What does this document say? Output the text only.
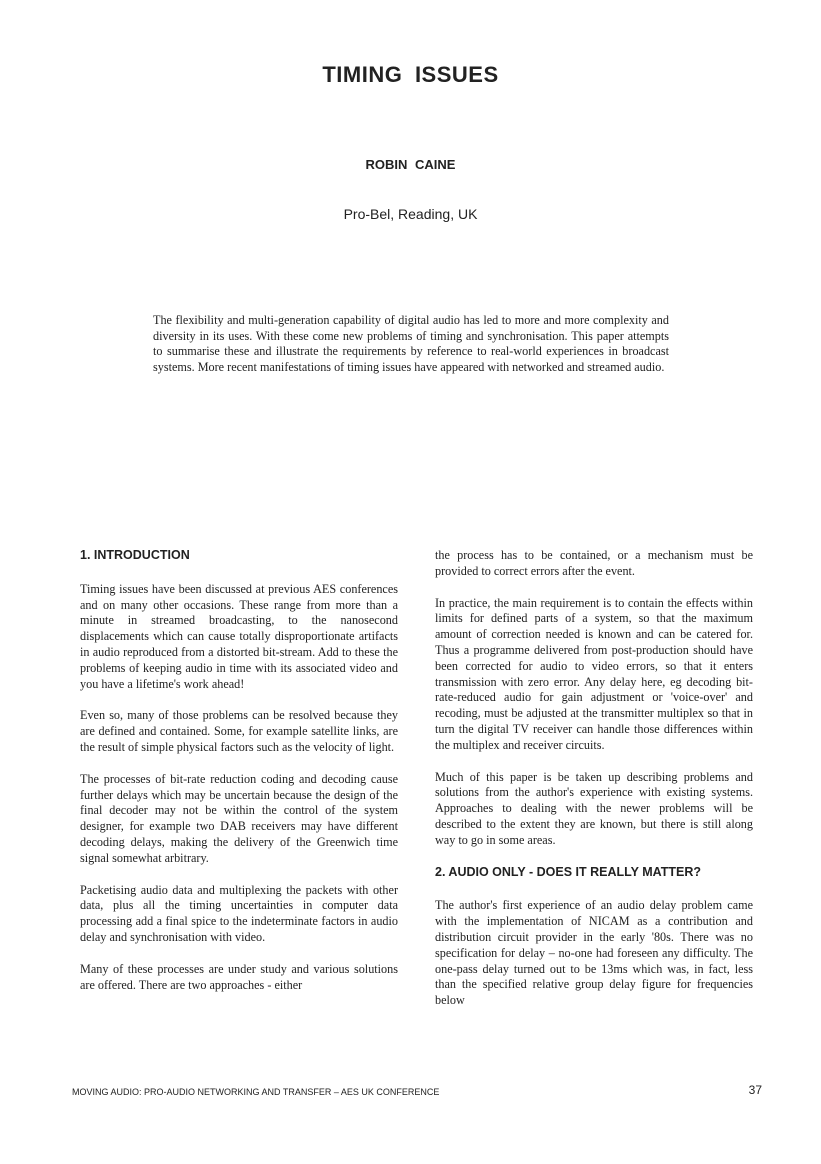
TIMING ISSUES
ROBIN CAINE
Pro-Bel, Reading, UK

The flexibility and multi-generation capability of digital audio has led to more and more complexity and diversity in its uses. With these come new problems of timing and synchronisation. This paper attempts to summarise these and illustrate the requirements by reference to real-world experiences in broadcast systems. More recent manifestations of timing issues have appeared with networked and streamed audio.

1. INTRODUCTION

Timing issues have been discussed at previous AES conferences and on many other occasions. These range from more than a minute in streamed broadcasting, to the nanosecond displacements which can cause totally disproportionate artifacts in audio reproduced from a distorted bit-stream. Add to these the problems of keeping audio in time with its associated video and you have a lifetime's work ahead!

Even so, many of those problems can be resolved because they are defined and contained. Some, for example satellite links, are the result of simple physical factors such as the velocity of light.

The processes of bit-rate reduction coding and decoding cause further delays which may be uncertain because the design of the final decoder may not be within the control of the system designer, for example two DAB receivers may have different decoding delays, making the delivery of the Greenwich time signal somewhat arbitrary.

Packetising audio data and multiplexing the packets with other data, plus all the timing uncertainties in computer data processing add a final spice to the indeterminate factors in audio delay and synchronisation with video.

Many of these processes are under study and various solutions are offered. There are two approaches - either

the process has to be contained, or a mechanism must be provided to correct errors after the event.

In practice, the main requirement is to contain the effects within limits for defined parts of a system, so that the maximum amount of correction needed is known and can be catered for. Thus a programme delivered from post-production should have been corrected for audio to video errors, so that it enters transmission with zero error. Any delay here, eg decoding bit-rate-reduced audio for gain adjustment or 'voice-over' and recoding, must be adjusted at the transmitter multiplex so that in turn the digital TV receiver can handle those differences within the multiplex and receiver circuits.

Much of this paper is be taken up describing problems and solutions from the author's experience with existing systems. Approaches to dealing with the newer problems will be described to the extent they are known, but there is still along way to go in some areas.

2. AUDIO ONLY - DOES IT REALLY MATTER?

The author's first experience of an audio delay problem came with the implementation of NICAM as a contribution and distribution circuit provider in the early '80s. There was no specification for delay – no-one had foreseen any difficulty. The one-pass delay turned out to be 13ms which was, in fact, less than the specified relative group delay figure for frequencies below

MOVING AUDIO: PRO-AUDIO NETWORKING AND TRANSFER – AES UK CONFERENCE	37
